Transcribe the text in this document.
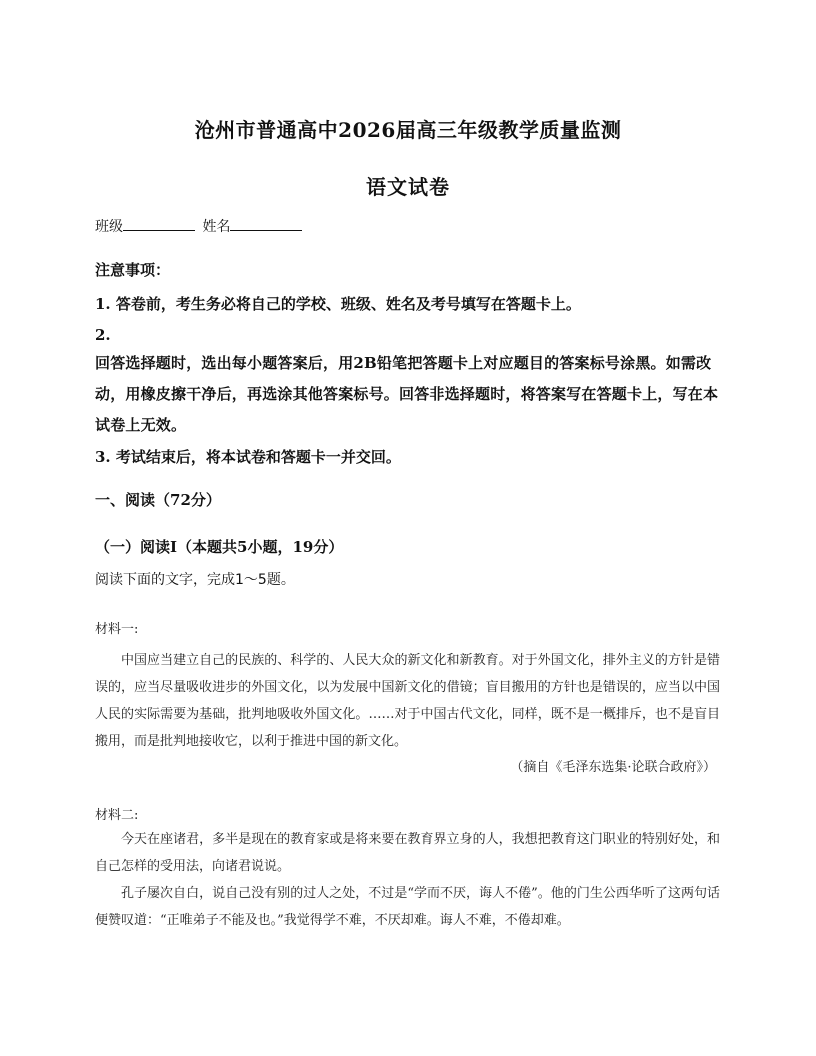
沧州市普通高中2026届高三年级教学质量监测
语文试卷
班级	姓名
注意事项：
1. 答卷前，考生务必将自己的学校、班级、姓名及考号填写在答题卡上。
2.
回答选择题时，选出每小题答案后，用2B铅笔把答题卡上对应题目的答案标号涂黑。如需改动，用橡皮擦干净后，再选涂其他答案标号。回答非选择题时，将答案写在答题卡上，写在本试卷上无效。
3. 考试结束后，将本试卷和答题卡一并交回。
一、阅读（72分）
（一）阅读Ⅰ（本题共5小题，19分）
阅读下面的文字，完成1～5题。
材料一:
中国应当建立自己的民族的、科学的、人民大众的新文化和新教育。对于外国文化，排外主义的方针是错误的，应当尽量吸收进步的外国文化，以为发展中国新文化的借镜；盲目搬用的方针也是错误的，应当以中国人民的实际需要为基础，批判地吸收外国文化。……对于中国古代文化，同样，既不是一概排斥，也不是盲目搬用，而是批判地接收它，以利于推进中国的新文化。
（摘自《毛泽东选集·论联合政府》）
材料二:
今天在座诸君，多半是现在的教育家或是将来要在教育界立身的人，我想把教育这门职业的特别好处，和自己怎样的受用法，向诸君说说。
孔子屡次自白，说自己没有别的过人之处，不过是“学而不厌，诲人不倦”。他的门生公西华听了这两句话便赞叹道：“正唯弟子不能及也。”我觉得学不难，不厌却难。诲人不难，不倦却难。
